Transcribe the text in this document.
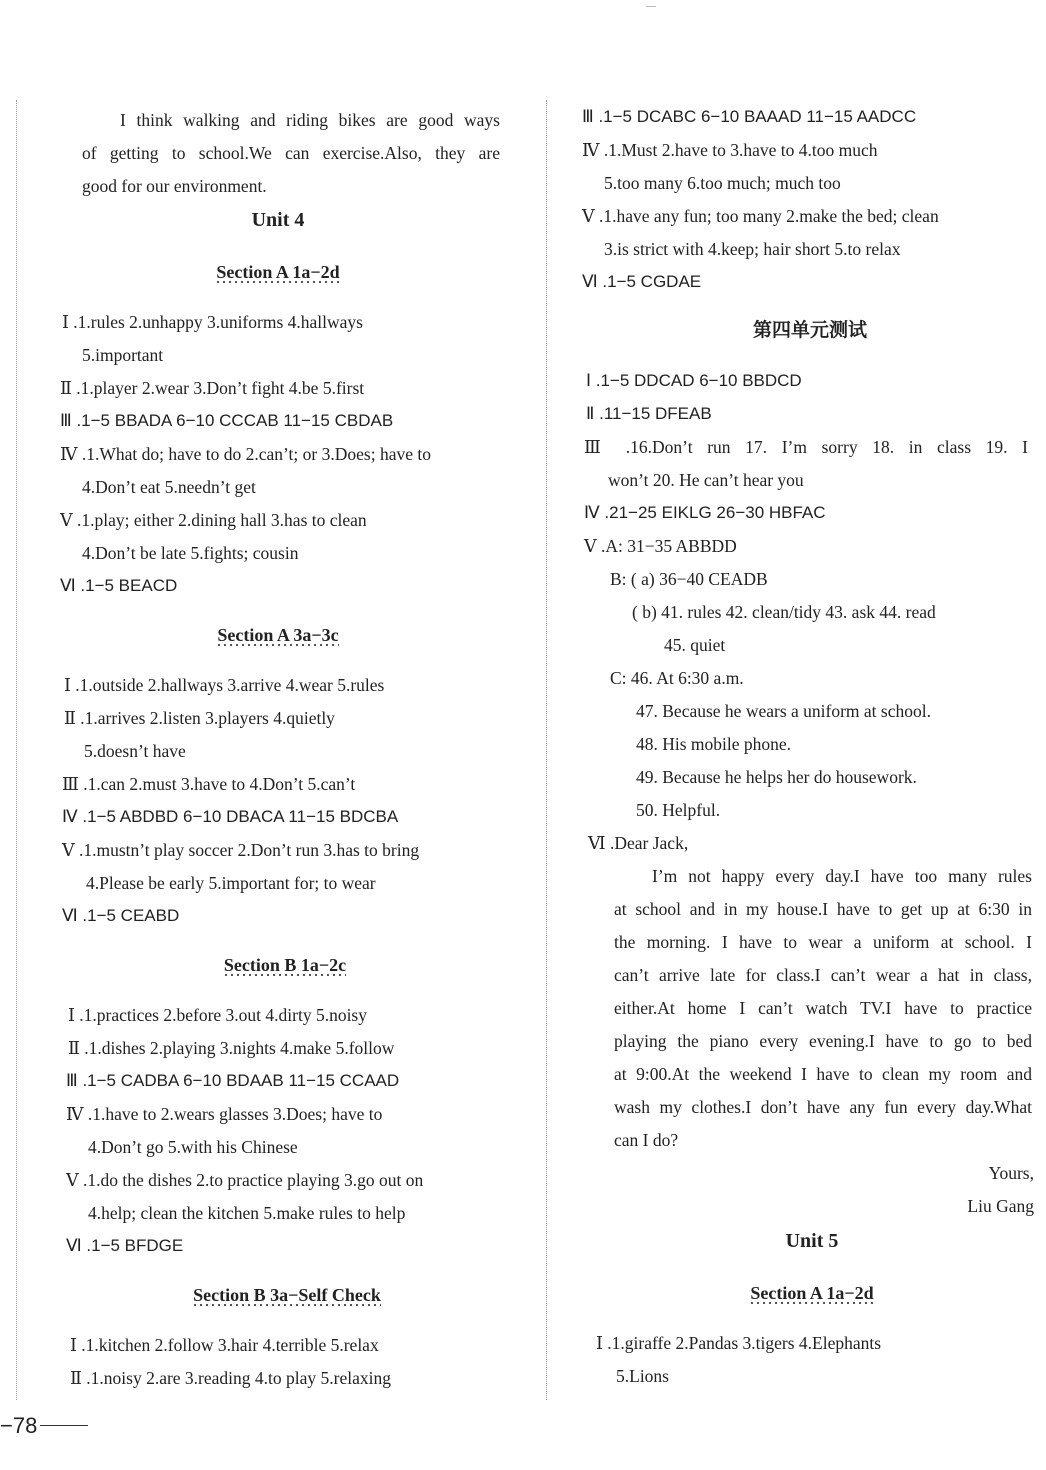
I think walking and riding bikes are good ways
of getting to school.We can exercise.Also, they are
good for our environment.
Unit 4
Section A 1a−2d
Ⅰ .1.rules 2.unhappy 3.uniforms 4.hallways
5.important
Ⅱ .1.player 2.wear 3.Don’t fight 4.be 5.first
Ⅲ .1−5 BBADA 6−10 CCCAB 11−15 CBDAB
Ⅳ .1.What do; have to do 2.can’t; or 3.Does; have to
4.Don’t eat 5.needn’t get
Ⅴ .1.play; either 2.dining hall 3.has to clean
4.Don’t be late 5.fights; cousin
Ⅵ .1−5 BEACD
Section A 3a−3c
Ⅰ .1.outside 2.hallways 3.arrive 4.wear 5.rules
Ⅱ .1.arrives 2.listen 3.players 4.quietly
5.doesn’t have
Ⅲ .1.can 2.must 3.have to 4.Don’t 5.can’t
Ⅳ .1−5 ABDBD 6−10 DBACA 11−15 BDCBA
Ⅴ .1.mustn’t play soccer 2.Don’t run 3.has to bring
4.Please be early 5.important for; to wear
Ⅵ .1−5 CEABD
Section B 1a−2c
Ⅰ .1.practices 2.before 3.out 4.dirty 5.noisy
Ⅱ .1.dishes 2.playing 3.nights 4.make 5.follow
Ⅲ .1−5 CADBA 6−10 BDAAB 11−15 CCAAD
Ⅳ .1.have to 2.wears glasses 3.Does; have to
4.Don’t go 5.with his Chinese
Ⅴ .1.do the dishes 2.to practice playing 3.go out on
4.help; clean the kitchen 5.make rules to help
Ⅵ .1−5 BFDGE
Section B 3a−Self Check
Ⅰ .1.kitchen 2.follow 3.hair 4.terrible 5.relax
Ⅱ .1.noisy 2.are 3.reading 4.to play 5.relaxing
Ⅲ .1−5 DCABC 6−10 BAAAD 11−15 AADCC
Ⅳ .1.Must 2.have to 3.have to 4.too much
5.too many 6.too much; much too
Ⅴ .1.have any fun; too many 2.make the bed; clean
3.is strict with 4.keep; hair short 5.to relax
Ⅵ .1−5 CGDAE
第四单元测试
Ⅰ .1−5 DDCAD 6−10 BBDCD
Ⅱ .11−15 DFEAB
Ⅲ .16.Don’t run 17. I’m sorry 18. in class 19. I
won’t 20. He can’t hear you
Ⅳ .21−25 EIKLG 26−30 HBFAC
Ⅴ .A: 31−35 ABBDD
B: ( a) 36−40 CEADB
( b) 41. rules 42. clean/tidy 43. ask 44. read
45. quiet
C: 46. At 6:30 a.m.
47. Because he wears a uniform at school.
48. His mobile phone.
49. Because he helps her do housework.
50. Helpful.
Ⅵ .Dear Jack,
I’m not happy every day.I have too many rules
at school and in my house.I have to get up at 6:30 in
the morning. I have to wear a uniform at school. I
can’t arrive late for class.I can’t wear a hat in class,
either.At home I can’t watch TV.I have to practice
playing the piano every evening.I have to go to bed
at 9:00.At the weekend I have to clean my room and
wash my clothes.I don’t have any fun every day.What
can I do?
Yours,
Liu Gang
Unit 5
Section A 1a−2d
Ⅰ .1.giraffe 2.Pandas 3.tigers 4.Elephants
5.Lions
−78
